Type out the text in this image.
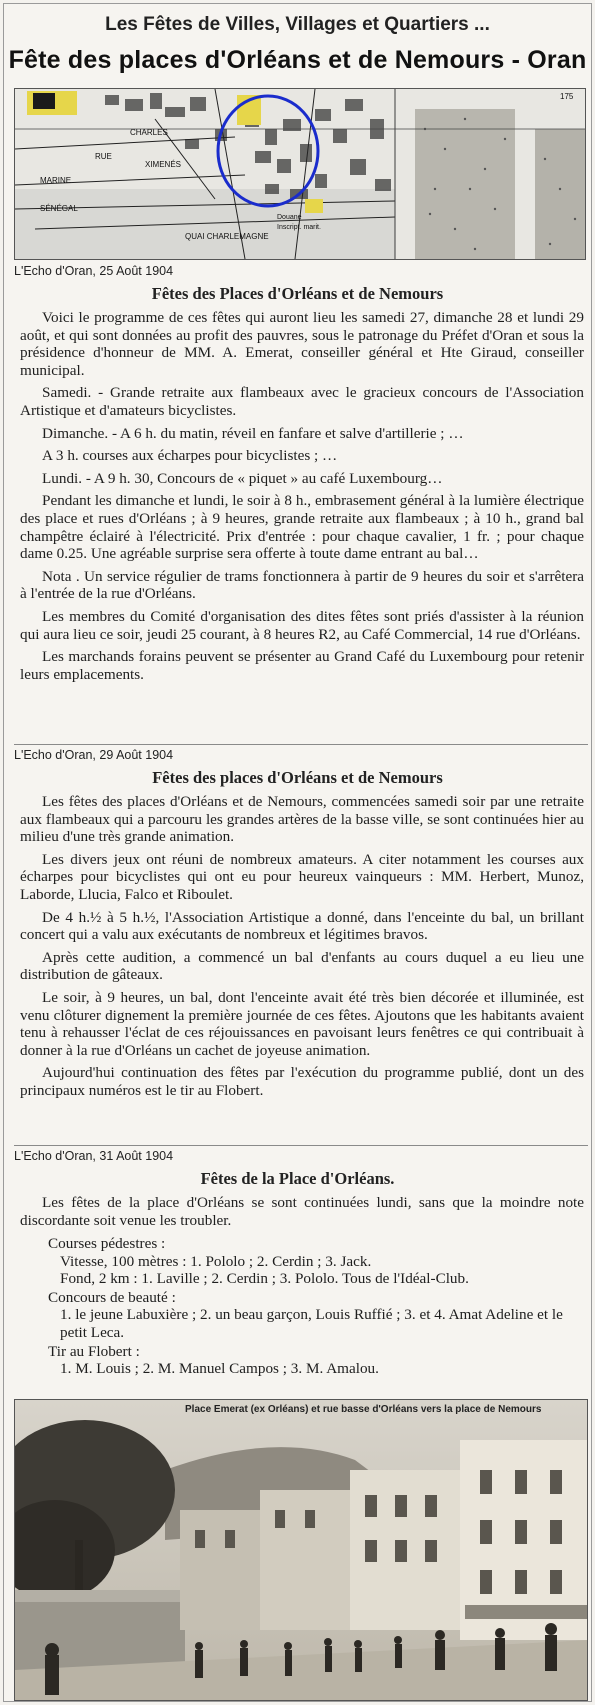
Les Fêtes de Villes, Villages et Quartiers ...
Fête des places d'Orléans et de Nemours - Oran
CHARLES
XIMENÉS
RUE
MARINE
SÉNÉGAL
QUAI CHARLEMAGNE
Douane
Inscript. marit.
175
L'Echo d'Oran, 25 Août 1904
Fêtes des Places d'Orléans et de Nemours

Voici le programme de ces fêtes qui auront lieu les samedi 27, dimanche 28 et lundi 29 août, et qui sont données au profit des pauvres, sous le patronage du Préfet d'Oran et sous la présidence d'honneur de MM. A. Emerat, conseiller général et Hte Giraud, conseiller municipal.

Samedi. - Grande retraite aux flambeaux avec le gracieux concours de l'Association Artistique et d'amateurs bicyclistes.

Dimanche. - A 6 h. du matin, réveil en fanfare et salve d'artillerie ; …

A 3 h. courses aux écharpes pour bicyclistes ; …

Lundi. - A 9 h. 30, Concours de « piquet » au café Luxembourg…

Pendant les dimanche et lundi, le soir à 8 h., embrasement général à la lumière électrique des place et rues d'Orléans ; à 9 heures, grande retraite aux flambeaux ; à 10 h., grand bal champêtre éclairé à l'électricité. Prix d'entrée : pour chaque cavalier, 1 fr. ; pour chaque dame 0.25. Une agréable surprise sera offerte à toute dame entrant au bal…

Nota . Un service régulier de trams fonctionnera à partir de 9 heures du soir et s'arrêtera à l'entrée de la rue d'Orléans.

Les membres du Comité d'organisation des dites fêtes sont priés d'assister à la réunion qui aura lieu ce soir, jeudi 25 courant, à 8 heures R2, au Café Commercial, 14 rue d'Orléans.

Les marchands forains peuvent se présenter au Grand Café du Luxembourg pour retenir leurs emplacements.

L'Echo d'Oran, 29 Août 1904
Fêtes des places d'Orléans et de Nemours

Les fêtes des places d'Orléans et de Nemours, commencées samedi soir par une retraite aux flambeaux qui a parcouru les grandes artères de la basse ville, se sont continuées hier au milieu d'une très grande animation.

Les divers jeux ont réuni de nombreux amateurs. A citer notamment les courses aux écharpes pour bicyclistes qui ont eu pour heureux vainqueurs : MM. Herbert, Munoz, Laborde, Llucia, Falco et Riboulet.

De 4 h.½ à 5 h.½, l'Association Artistique a donné, dans l'enceinte du bal, un brillant concert qui a valu aux exécutants de nombreux et légitimes bravos.

Après cette audition, a commencé un bal d'enfants au cours duquel a eu lieu une distribution de gâteaux.

Le soir, à 9 heures, un bal, dont l'enceinte avait été très bien décorée et illuminée, est venu clôturer dignement la première journée de ces fêtes. Ajoutons que les habitants avaient tenu à rehausser l'éclat de ces réjouissances en pavoisant leurs fenêtres ce qui contribuait à donner à la rue d'Orléans un cachet de joyeuse animation.

Aujourd'hui continuation des fêtes par l'exécution du programme publié, dont un des principaux numéros est le tir au Flobert.

L'Echo d'Oran, 31 Août 1904
Fêtes de la Place d'Orléans.

Les fêtes de la place d'Orléans se sont continuées lundi, sans que la moindre note discordante soit venue les troubler.

Courses pédestres :
Vitesse, 100 mètres : 1. Pololo ; 2. Cerdin ; 3. Jack.
Fond, 2 km : 1. Laville ; 2. Cerdin ; 3. Pololo. Tous de l'Idéal-Club.
Concours de beauté :
1. le jeune Labuxière ; 2. un beau garçon, Louis Ruffié ; 3. et 4. Amat Adeline et le petit Leca.
Tir au Flobert :
1. M. Louis ; 2. M. Manuel Campos ; 3. M. Amalou.
Place Emerat (ex Orléans) et rue basse d'Orléans vers la place de Nemours
